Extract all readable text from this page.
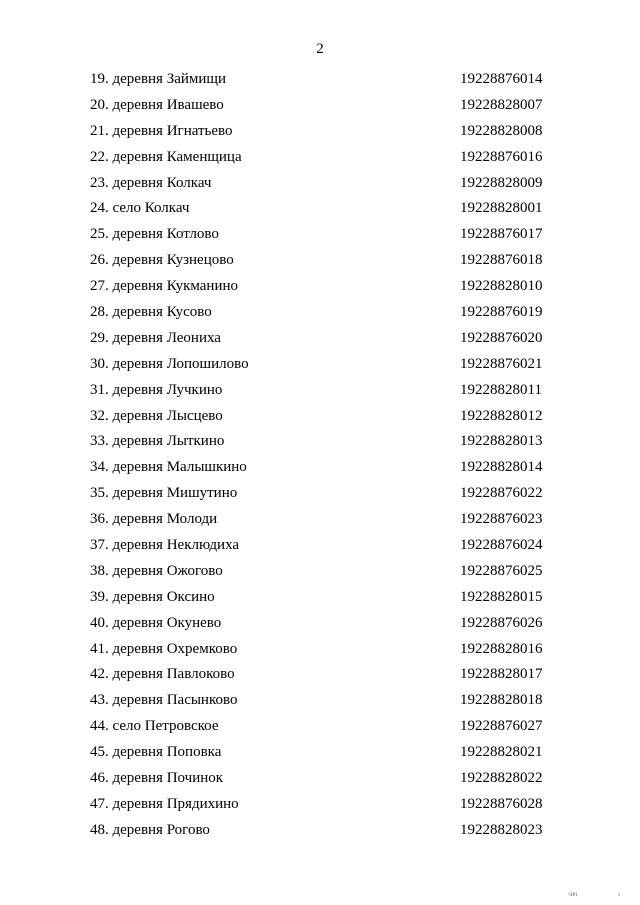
2
19. деревня Займищи	19228876014
20. деревня Ивашево	19228828007
21. деревня Игнатьево	19228828008
22. деревня Каменщица	19228876016
23. деревня Колкач	19228828009
24. село Колкач	19228828001
25. деревня Котлово	19228876017
26. деревня Кузнецово	19228876018
27. деревня Кукманино	19228828010
28. деревня Кусово	19228876019
29. деревня Леониха	19228876020
30. деревня Лопошилово	19228876021
31. деревня Лучкино	19228828011
32. деревня Лысцево	19228828012
33. деревня Лыткино	19228828013
34. деревня Малышкино	19228828014
35. деревня Мишутино	19228876022
36. деревня Молоди	19228876023
37. деревня Неклюдиха	19228876024
38. деревня Ожогово	19228876025
39. деревня Оксино	19228828015
40. деревня Окунево	19228876026
41. деревня Охремково	19228828016
42. деревня Павлоково	19228828017
43. деревня Пасынково	19228828018
44. село Петровское	19228876027
45. деревня Поповка	19228828021
46. деревня Починок	19228828022
47. деревня Прядихино	19228876028
48. деревня Рогово	19228828023
\\IP1	1
